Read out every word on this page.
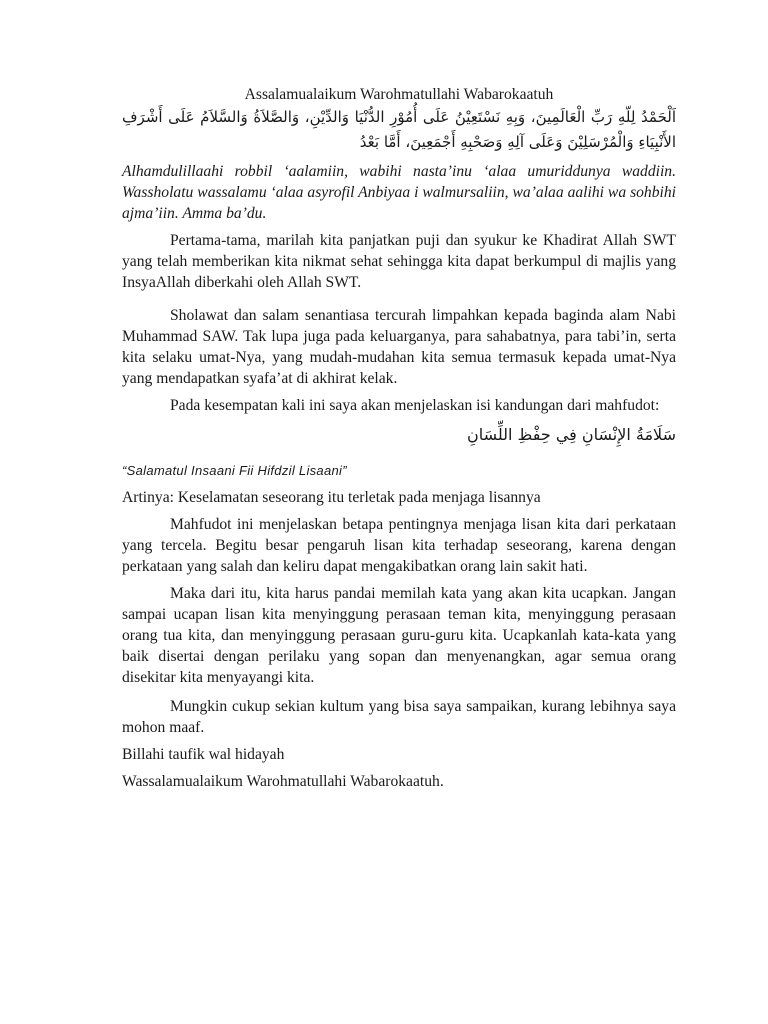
Assalamualaikum Warohmatullahi Wabarokaatuh

اَلْحَمْدُ لِلّهِ رَبِّ الْعَالَمِينَ، وَبِهِ نَسْتَعِيْنُ عَلَى أُمُوْرِ الدُّنْيَا وَالدِّيْنِ، وَالصَّلاَةُ وَالسَّلاَمُ عَلَى أَشْرَفِ الأَنْبِيَاءِ وَالْمُرْسَلِيْنَ وَعَلَى آلِهِ وَصَحْبِهِ أَجْمَعِينَ، أَمَّا بَعْدُ

Alhamdulillaahi robbil ‘aalamiin, wabihi nasta’inu ‘alaa umuriddunya waddiin. Wassholatu wassalamu ‘alaa asyrofil Anbiyaa i walmursaliin, wa’alaa aalihi wa sohbihi ajma’iin. Amma ba’du.

Pertama-tama, marilah kita panjatkan puji dan syukur ke Khadirat Allah SWT yang telah memberikan kita nikmat sehat sehingga kita dapat berkumpul di majlis yang InsyaAllah diberkahi oleh Allah SWT.

Sholawat dan salam senantiasa tercurah limpahkan kepada baginda alam Nabi Muhammad SAW. Tak lupa juga pada keluarganya, para sahabatnya, para tabi’in, serta kita selaku umat-Nya, yang mudah-mudahan kita semua termasuk kepada umat-Nya yang mendapatkan syafa’at di akhirat kelak.

Pada kesempatan kali ini saya akan menjelaskan isi kandungan dari mahfudot:

سَلَامَةُ الإِنْسَانِ فِي حِفْظِ اللِّسَانِ

“Salamatul Insaani Fii Hifdzil Lisaani”

Artinya: Keselamatan seseorang itu terletak pada menjaga lisannya

Mahfudot ini menjelaskan betapa pentingnya menjaga lisan kita dari perkataan yang tercela. Begitu besar pengaruh lisan kita terhadap seseorang, karena dengan perkataan yang salah dan keliru dapat mengakibatkan orang lain sakit hati.

Maka dari itu, kita harus pandai memilah kata yang akan kita ucapkan. Jangan sampai ucapan lisan kita menyinggung perasaan teman kita, menyinggung perasaan orang tua kita, dan menyinggung perasaan guru-guru kita. Ucapkanlah kata-kata yang baik disertai dengan perilaku yang sopan dan menyenangkan, agar semua orang disekitar kita menyayangi kita.

Mungkin cukup sekian kultum yang bisa saya sampaikan, kurang lebihnya saya mohon maaf.

Billahi taufik wal hidayah

Wassalamualaikum Warohmatullahi Wabarokaatuh.
